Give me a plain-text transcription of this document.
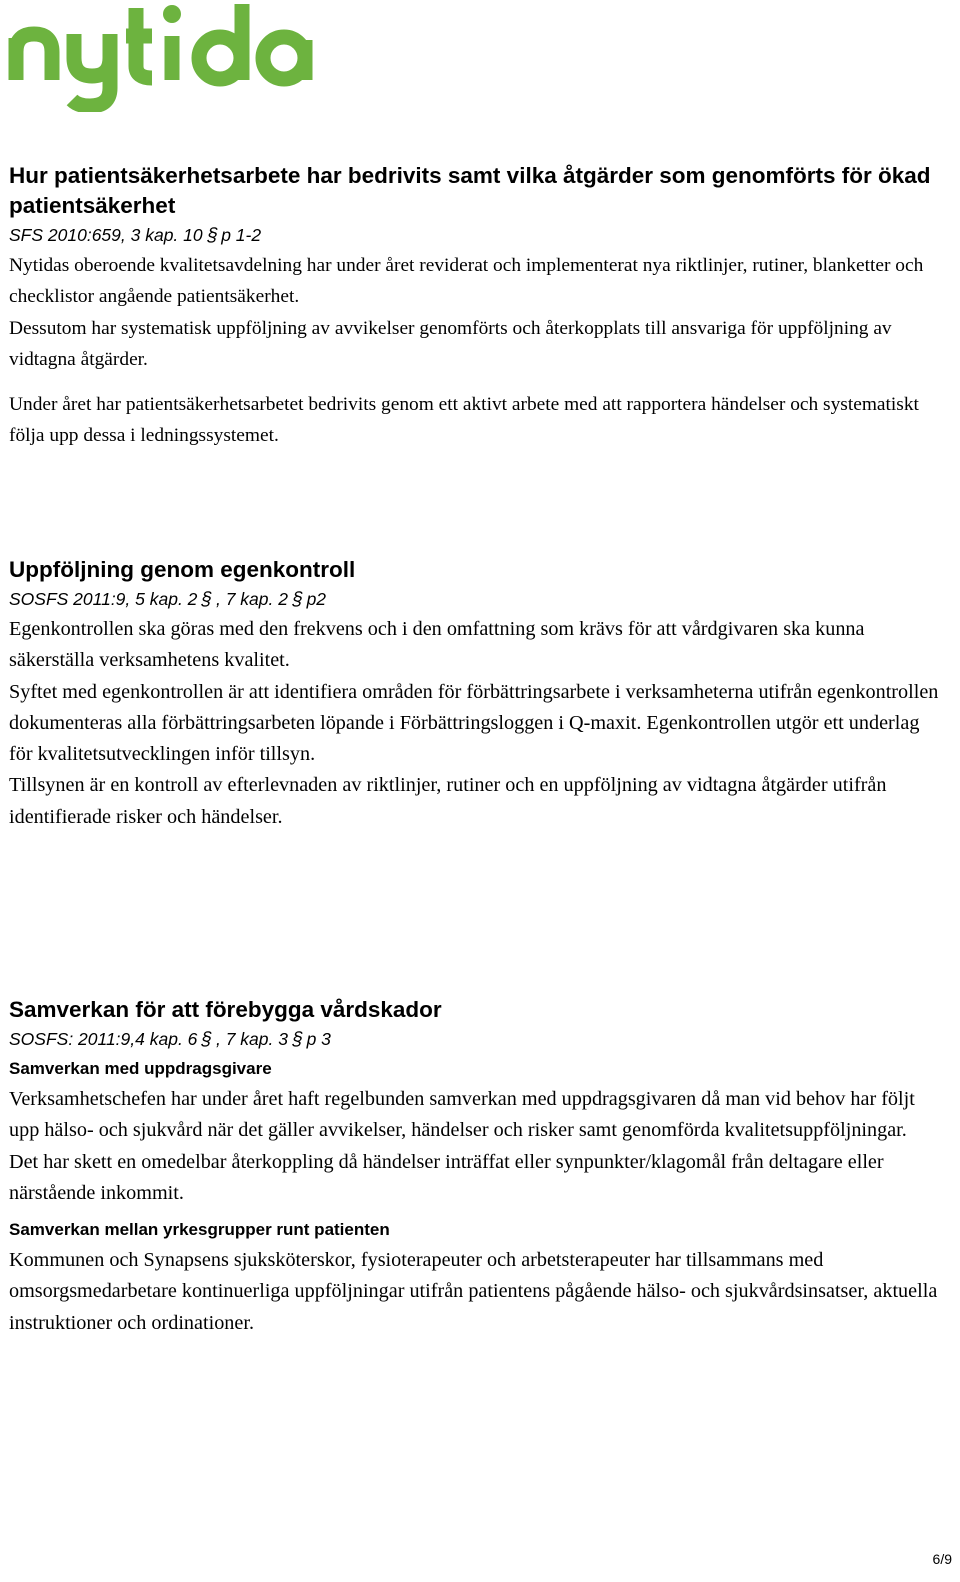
Hur patientsäkerhetsarbete har bedrivits samt vilka åtgärder som genomförts för ökad patientsäkerhet

SFS 2010:659, 3 kap. 10§p 1-2

Nytidas oberoende kvalitetsavdelning har under året reviderat och implementerat nya riktlinjer, rutiner, blanketter och checklistor angående patientsäkerhet.

Dessutom har systematisk uppföljning av avvikelser genomförts och återkopplats till ansvariga för uppföljning av vidtagna åtgärder.

Under året har patientsäkerhetsarbetet bedrivits genom ett aktivt arbete med att rapportera händelser och systematiskt följa upp dessa i ledningssystemet.

Uppföljning genom egenkontroll

SOSFS 2011:9, 5 kap. 2§, 7 kap. 2§p2

Egenkontrollen ska göras med den frekvens och i den omfattning som krävs för att vårdgivaren ska kunna säkerställa verksamhetens kvalitet.

Syftet med egenkontrollen är att identifiera områden för förbättringsarbete i verksamheterna utifrån egenkontrollen dokumenteras alla förbättringsarbeten löpande i Förbättringsloggen i Q-maxit. Egenkontrollen utgör ett underlag för kvalitetsutvecklingen inför tillsyn.

Tillsynen är en kontroll av efterlevnaden av riktlinjer, rutiner och en uppföljning av vidtagna åtgärder utifrån identifierade risker och händelser.

Samverkan för att förebygga vårdskador

SOSFS: 2011:9,4 kap. 6§, 7 kap. 3§p 3

Samverkan med uppdragsgivare

Verksamhetschefen har under året haft regelbunden samverkan med uppdragsgivaren då man vid behov har följt upp hälso- och sjukvård när det gäller avvikelser, händelser och risker samt genomförda kvalitetsuppföljningar. Det har skett en omedelbar återkoppling då händelser inträffat eller synpunkter/klagomål från deltagare eller närstående inkommit.

Samverkan mellan yrkesgrupper runt patienten

Kommunen och Synapsens sjuksköterskor, fysioterapeuter och arbetsterapeuter har tillsammans med omsorgsmedarbetare kontinuerliga uppföljningar utifrån patientens pågående hälso- och sjukvårdsinsatser, aktuella instruktioner och ordinationer.

6/9
